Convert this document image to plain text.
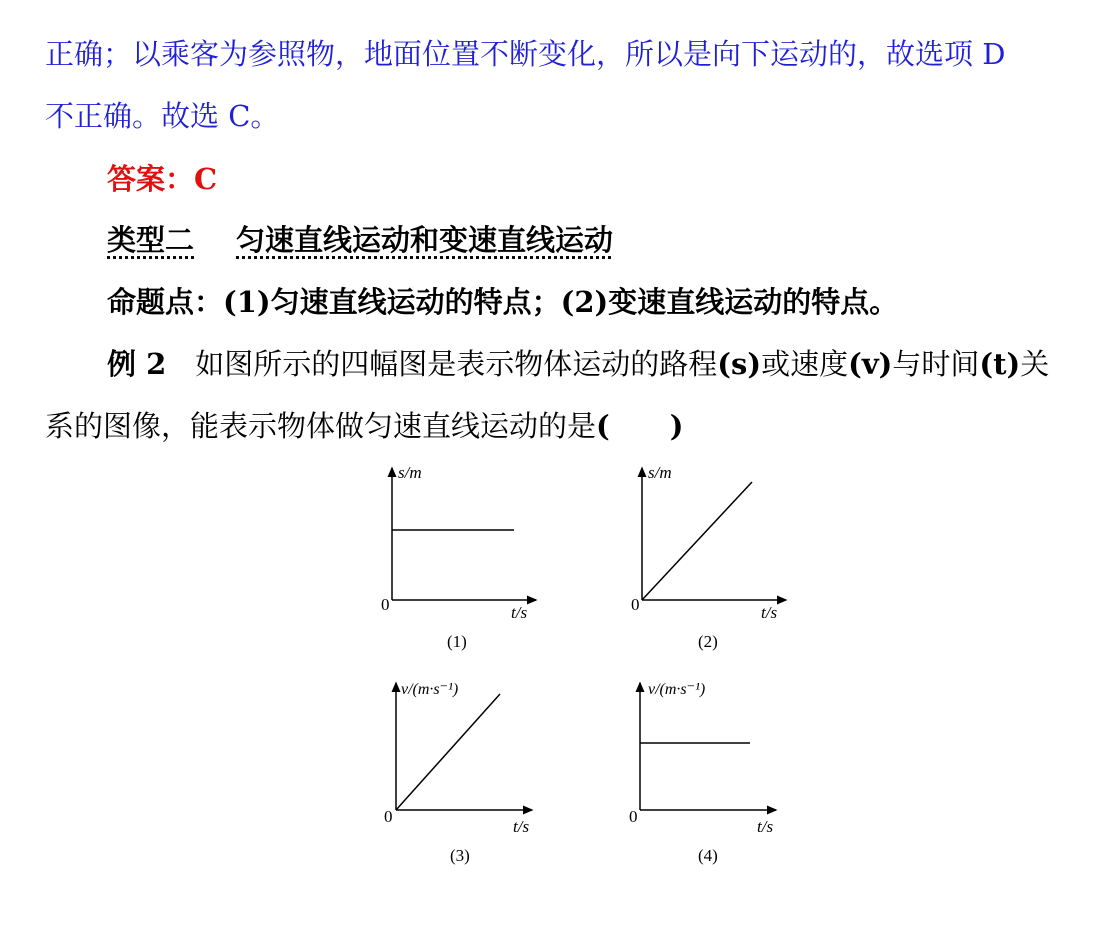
正确；以乘客为参照物，地面位置不断变化，所以是向下运动的，故选项 D
不正确。故选 C。
答案：C
类型二 匀速直线运动和变速直线运动
命题点：(1)匀速直线运动的特点；(2)变速直线运动的特点。
例 2  如图所示的四幅图是表示物体运动的路程(s)或速度(v)与时间(t)关
系的图像，能表示物体做匀速直线运动的是( )
s/m
0	t/s
(1)
s/m
0	t/s
(2)
v/(m·s⁻¹)
0
t/s
(3)
v/(m·s⁻¹)
0
t/s
(4)
